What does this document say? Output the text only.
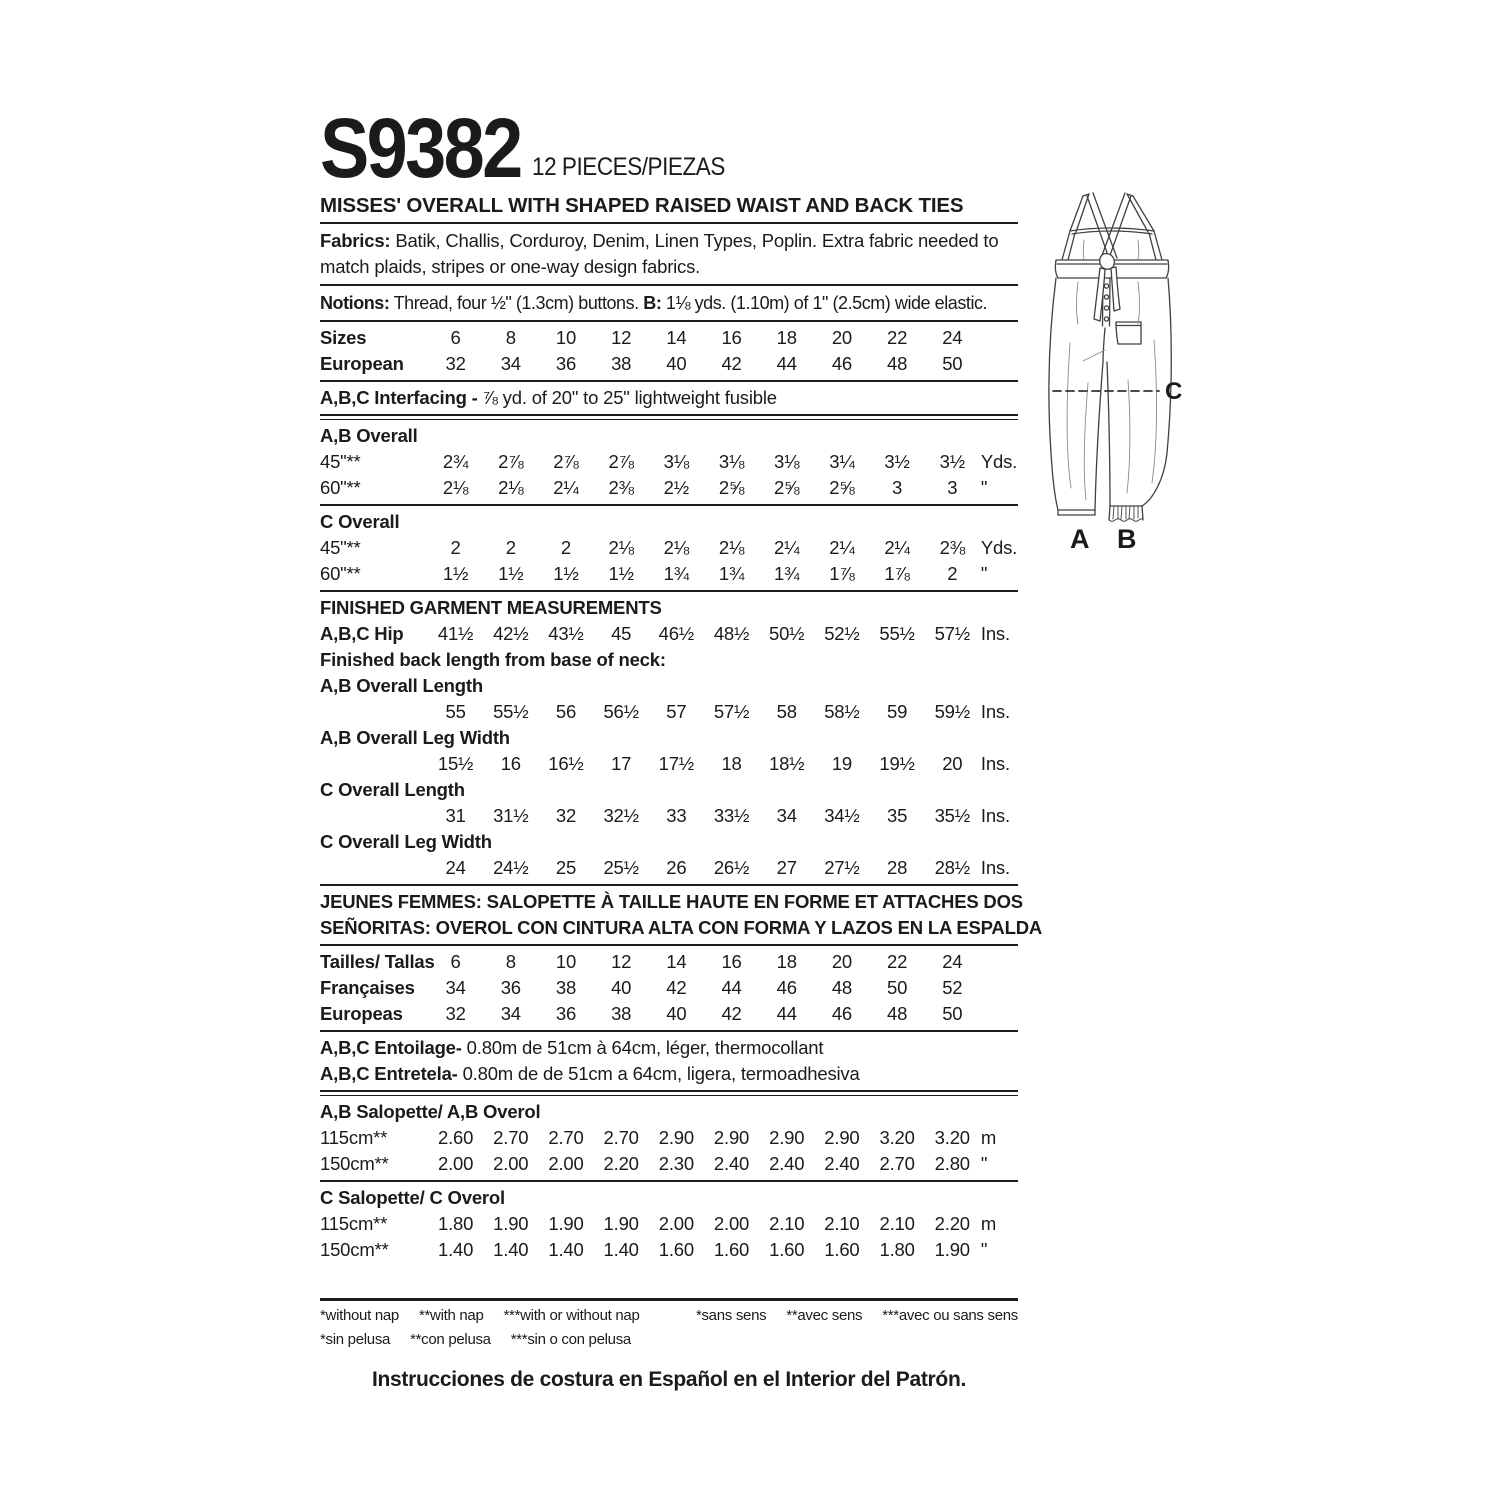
S9382 12 PIECES/PIEZAS
MISSES' OVERALL WITH SHAPED RAISED WAIST AND BACK TIES

Fabrics: Batik, Challis, Corduroy, Denim, Linen Types, Poplin. Extra fabric needed to match plaids, stripes or one-way design fabrics.

Notions: Thread, four ½" (1.3cm) buttons. B: 1⅛ yds. (1.10m) of 1" (2.5cm) wide elastic.

Sizes	6	8	10	12	14	16	18	20	22	24
European	32	34	36	38	40	42	44	46	48	50
A,B,C Interfacing - ⅞ yd. of 20" to 25" lightweight fusible
A,B Overall
45"**	2¾	2⅞	2⅞	2⅞	3⅛	3⅛	3⅛	3¼	3½	3½ Yds.
60"**	2⅛	2⅛	2¼	2⅜	2½	2⅝	2⅝	2⅝	3	3	"
C Overall
45"**	2	2	2	2⅛	2⅛	2⅛	2¼	2¼	2¼	2⅜ Yds.
60"**	1½	1½	1½	1½	1¾	1¾	1¾	1⅞	1⅞	2	"
FINISHED GARMENT MEASUREMENTS
A,B,C Hip	41½	42½	43½	45	46½	48½	50½	52½	55½	57½ Ins.
Finished back length from base of neck:
A,B Overall Length
55	55½	56	56½	57	57½	58	58½	59	59½ Ins.
A,B Overall Leg Width
15½	16	16½	17	17½	18	18½	19	19½	20	Ins.
C Overall Length
31	31½	32	32½	33	33½	34	34½	35	35½ Ins.
C Overall Leg Width
24	24½	25	25½	26	26½	27	27½	28	28½ Ins.
JEUNES FEMMES: SALOPETTE À TAILLE HAUTE EN FORME ET ATTACHES DOS
SEÑORITAS: OVEROL CON CINTURA ALTA CON FORMA Y LAZOS EN LA ESPALDA
Tailles/ Tallas 6	8	10	12	14	16	18	20	22	24
Françaises	34	36	38	40	42	44	46	48	50	52
Europeas	32	34	36	38	40	42	44	46	48	50
A,B,C Entoilage- 0.80m de 51cm à 64cm, léger, thermocollant
A,B,C Entretela- 0.80m de de 51cm a 64cm, ligera, termoadhesiva
A,B Salopette/ A,B Overol
115cm**	2.60	2.70	2.70	2.70	2.90	2.90	2.90	2.90	3.20	3.20 m
150cm**	2.00	2.00	2.00	2.20	2.30	2.40	2.40	2.40	2.70	2.80 "
C Salopette/ C Overol
115cm**	1.80	1.90	1.90	1.90	2.00	2.00	2.10	2.10	2.10	2.20 m
150cm**	1.40	1.40	1.40	1.40	1.60	1.60	1.60	1.60	1.80	1.90 "
*without nap **with nap ***with or without nap	*sans sens **avec sens ***avec ou sans sens
*sin pelusa **con pelusa ***sin o con pelusa
Instrucciones de costura en Español en el Interior del Patrón.
A B
C
